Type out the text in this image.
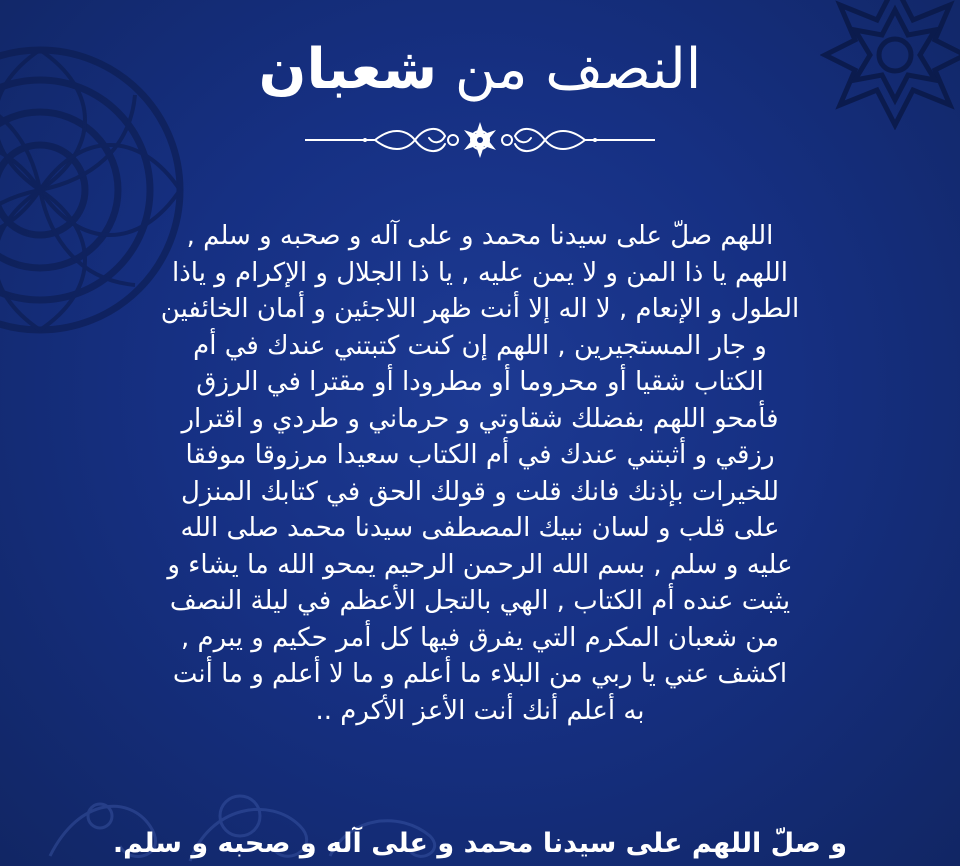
النصف من شعبان
اللهم صلّ على سيدنا محمد و على آله و صحبه و سلم ,
اللهم يا ذا المن و لا يمن عليه , يا ذا الجلال و الإكرام و ياذا
الطول و الإنعام , لا اله إلا أنت ظهر اللاجئين و أمان الخائفين
و جار المستجيرين , اللهم إن كنت كتبتني عندك في أم
الكتاب شقيا أو محروما أو مطرودا أو مقترا في الرزق
فأمحو اللهم بفضلك شقاوتي و حرماني و طردي و اقترار
رزقي و أثبتني عندك في أم الكتاب سعيدا مرزوقا موفقا
للخيرات بإذنك فانك قلت و قولك الحق في كتابك المنزل
على قلب و لسان نبيك المصطفى سيدنا محمد صلى الله
عليه و سلم , بسم الله الرحمن الرحيم يمحو الله ما يشاء و
يثبت عنده أم الكتاب , الهي بالتجل الأعظم في ليلة النصف
من شعبان المكرم التي يفرق فيها كل أمر حكيم و يبرم ,
اكشف عني يا ربي من البلاء ما أعلم و ما لا أعلم و ما أنت
به أعلم أنك أنت الأعز الأكرم ..
و صلّ اللهم على سيدنا محمد و على آله و صحبه و سلم.
